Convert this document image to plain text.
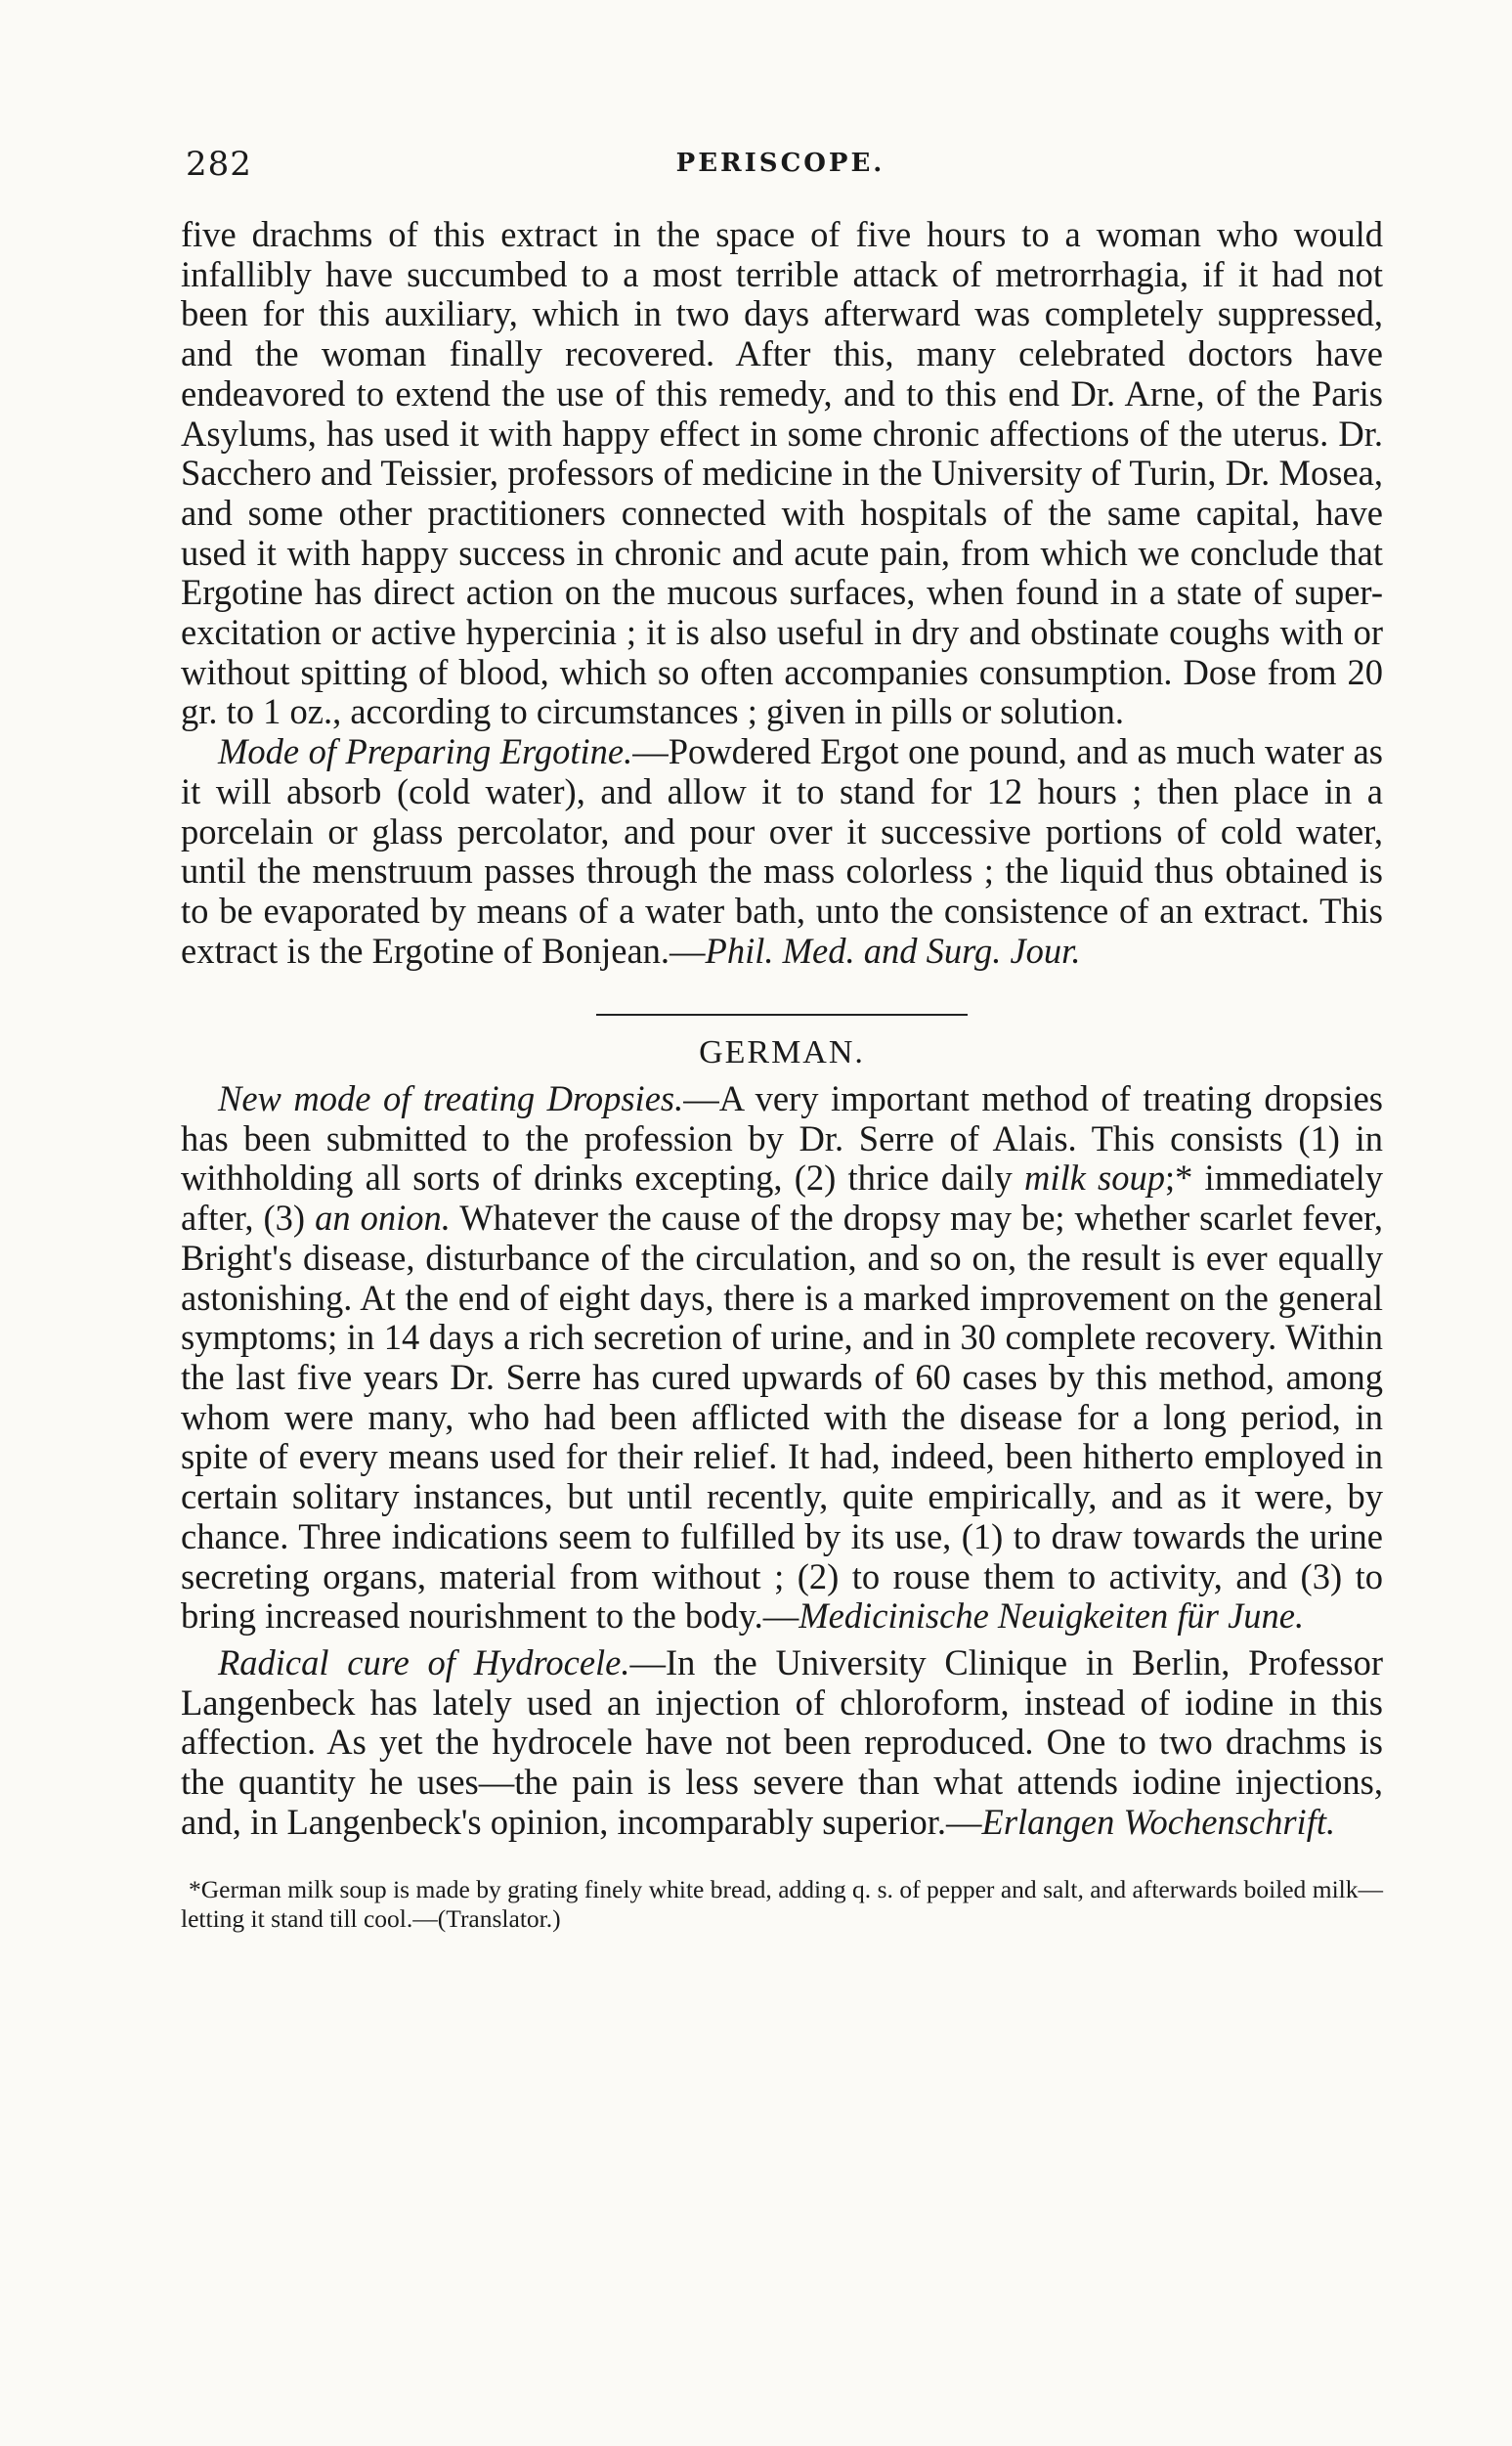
282	PERISCOPE.

five drachms of this extract in the space of five hours to a woman who would infallibly have succumbed to a most terrible attack of metrorrhagia, if it had not been for this auxiliary, which in two days afterward was completely suppressed, and the woman finally recovered. After this, many celebrated doctors have endeavored to extend the use of this remedy, and to this end Dr. Arne, of the Paris Asylums, has used it with happy effect in some chronic affections of the uterus. Dr. Sacchero and Teissier, professors of medicine in the University of Turin, Dr. Mosea, and some other practitioners connected with hospitals of the same capital, have used it with happy success in chronic and acute pain, from which we conclude that Ergotine has direct action on the mucous surfaces, when found in a state of super-excitation or active hypercinia ; it is also useful in dry and obstinate coughs with or without spitting of blood, which so often accompanies consumption. Dose from 20 gr. to 1 oz., according to circumstances ; given in pills or solution.

Mode of Preparing Ergotine.—Powdered Ergot one pound, and as much water as it will absorb (cold water), and allow it to stand for 12 hours ; then place in a porcelain or glass percolator, and pour over it successive portions of cold water, until the menstruum passes through the mass colorless ; the liquid thus obtained is to be evaporated by means of a water bath, unto the consistence of an extract. This extract is the Ergotine of Bonjean.—Phil. Med. and Surg. Jour.

GERMAN.

New mode of treating Dropsies.—A very important method of treating dropsies has been submitted to the profession by Dr. Serre of Alais. This consists (1) in withholding all sorts of drinks excepting, (2) thrice daily milk soup;* immediately after, (3) an onion. Whatever the cause of the dropsy may be; whether scarlet fever, Bright's disease, disturbance of the circulation, and so on, the result is ever equally astonishing. At the end of eight days, there is a marked improvement on the general symptoms; in 14 days a rich secretion of urine, and in 30 complete recovery. Within the last five years Dr. Serre has cured upwards of 60 cases by this method, among whom were many, who had been afflicted with the disease for a long period, in spite of every means used for their relief. It had, indeed, been hitherto employed in certain solitary instances, but until recently, quite empirically, and as it were, by chance. Three indications seem to fulfilled by its use, (1) to draw towards the urine secreting organs, material from without ; (2) to rouse them to activity, and (3) to bring increased nourishment to the body.—Medicinische Neuigkeiten für June.

Radical cure of Hydrocele.—In the University Clinique in Berlin, Professor Langenbeck has lately used an injection of chloroform, instead of iodine in this affection. As yet the hydrocele have not been reproduced. One to two drachms is the quantity he uses—the pain is less severe than what attends iodine injections, and, in Langenbeck's opinion, incomparably superior.—Erlangen Wochenschrift.

*German milk soup is made by grating finely white bread, adding q. s. of pepper and salt, and afterwards boiled milk—letting it stand till cool.—(Translator.)
